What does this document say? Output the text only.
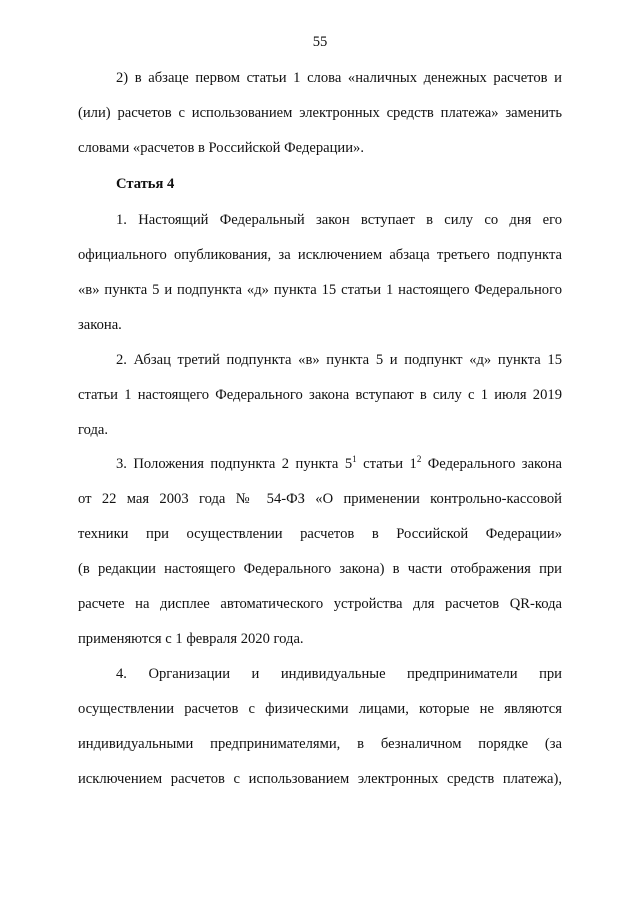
55
2) в абзаце первом статьи 1 слова «наличных денежных расчетов и
(или) расчетов с использованием электронных средств платежа» заменить
словами «расчетов в Российской Федерации».
Статья 4
1. Настоящий Федеральный закон вступает в силу со дня его
официального опубликования, за исключением абзаца третьего подпункта
«в» пункта 5 и подпункта «д» пункта 15 статьи 1 настоящего Федерального
закона.
2. Абзац третий подпункта «в» пункта 5 и подпункт «д» пункта 15
статьи 1 настоящего Федерального закона вступают в силу с 1 июля 2019
года.
3. Положения подпункта 2 пункта $5^1$ статьи $1^2$ Федерального закона
от 22 мая 2003 года № 54-ФЗ «О применении контрольно-кассовой
техники при осуществлении расчетов в Российской Федерации»
(в редакции настоящего Федерального закона) в части отображения при
расчете на дисплее автоматического устройства для расчетов QR-кода
применяются с 1 февраля 2020 года.
4. Организации и индивидуальные предприниматели при
осуществлении расчетов с физическими лицами, которые не являются
индивидуальными предпринимателями, в безналичном порядке (за
исключением расчетов с использованием электронных средств платежа),
